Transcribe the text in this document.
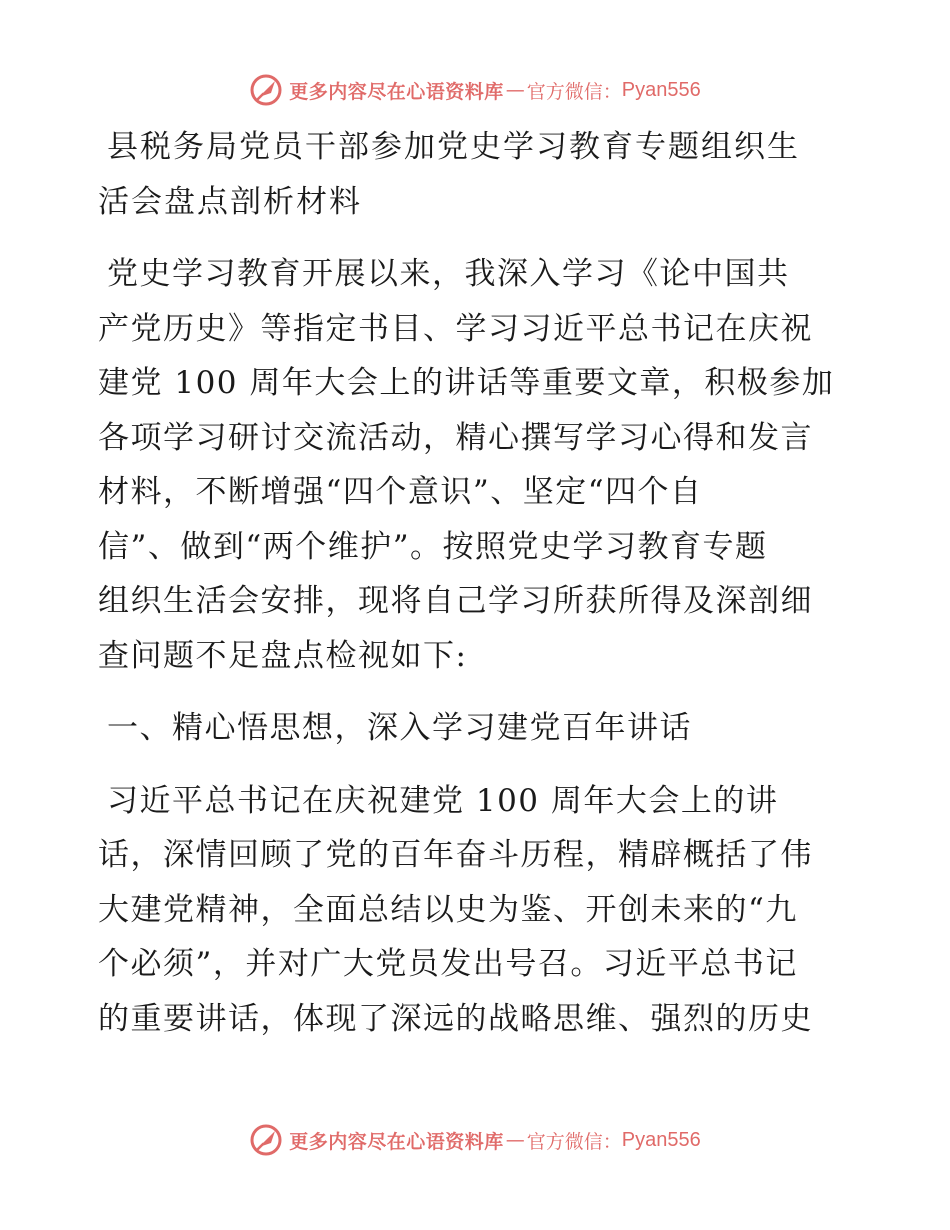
更多内容尽在心语资料库 — 官方微信： Pyan556
县税务局党员干部参加党史学习教育专题组织生
活会盘点剖析材料
党史学习教育开展以来，我深入学习《论中国共
产党历史》等指定书目、学习习近平总书记在庆祝
建党 100 周年大会上的讲话等重要文章，积极参加
各项学习研讨交流活动，精心撰写学习心得和发言
材料，不断增强“四个意识”、坚定“四个自
信”、做到“两个维护”。按照党史学习教育专题
组织生活会安排，现将自己学习所获所得及深剖细
查问题不足盘点检视如下:
一、精心悟思想，深入学习建党百年讲话
习近平总书记在庆祝建党 100 周年大会上的讲
话，深情回顾了党的百年奋斗历程，精辟概括了伟
大建党精神，全面总结以史为鉴、开创未来的“九
个必须”，并对广大党员发出号召。习近平总书记
的重要讲话，体现了深远的战略思维、强烈的历史
更多内容尽在心语资料库 — 官方微信： Pyan556
